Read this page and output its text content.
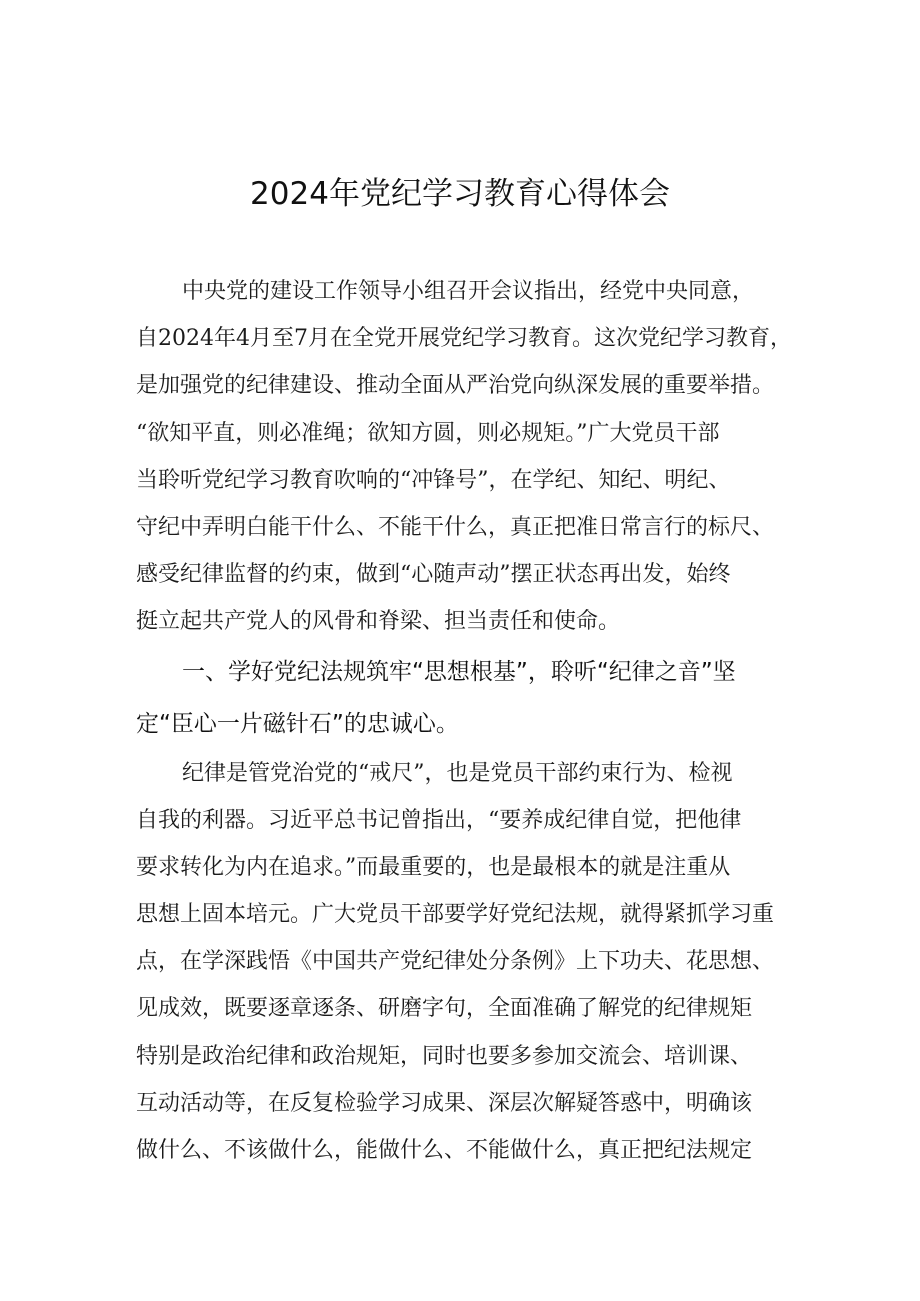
2024年党纪学习教育心得体会
中央党的建设工作领导小组召开会议指出，经党中央同意，
自2024年4月至7月在全党开展党纪学习教育。这次党纪学习教育，
是加强党的纪律建设、推动全面从严治党向纵深发展的重要举措。
“欲知平直，则必准绳；欲知方圆，则必规矩。”广大党员干部
当聆听党纪学习教育吹响的“冲锋号”，在学纪、知纪、明纪、
守纪中弄明白能干什么、不能干什么，真正把准日常言行的标尺、
感受纪律监督的约束，做到“心随声动”摆正状态再出发，始终
挺立起共产党人的风骨和脊梁、担当责任和使命。
一、学好党纪法规筑牢“思想根基”，聆听“纪律之音”坚
定“臣心一片磁针石”的忠诚心。
纪律是管党治党的“戒尺”，也是党员干部约束行为、检视
自我的利器。习近平总书记曾指出，“要养成纪律自觉，把他律
要求转化为内在追求。”而最重要的，也是最根本的就是注重从
思想上固本培元。广大党员干部要学好党纪法规，就得紧抓学习重
点，在学深践悟《中国共产党纪律处分条例》上下功夫、花思想、
见成效，既要逐章逐条、研磨字句，全面准确了解党的纪律规矩
特别是政治纪律和政治规矩，同时也要多参加交流会、培训课、
互动活动等，在反复检验学习成果、深层次解疑答惑中，明确该
做什么、不该做什么，能做什么、不能做什么，真正把纪法规定
